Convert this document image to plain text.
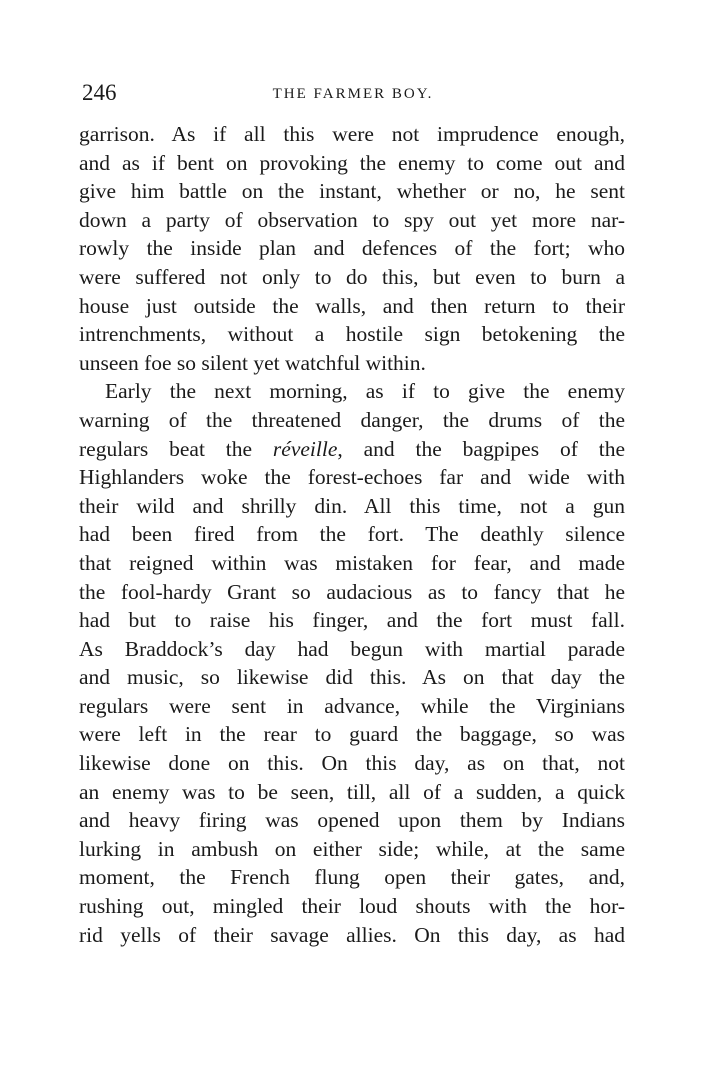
246	THE FARMER BOY.
garrison. As if all this were not imprudence enough,
and as if bent on provoking the enemy to come out and
give him battle on the instant, whether or no, he sent
down a party of observation to spy out yet more nar-
rowly the inside plan and defences of the fort; who
were suffered not only to do this, but even to burn a
house just outside the walls, and then return to their
intrenchments, without a hostile sign betokening the
unseen foe so silent yet watchful within.
Early the next morning, as if to give the enemy
warning of the threatened danger, the drums of the
regulars beat the réveille, and the bagpipes of the
Highlanders woke the forest-echoes far and wide with
their wild and shrilly din. All this time, not a gun
had been fired from the fort. The deathly silence
that reigned within was mistaken for fear, and made
the fool-hardy Grant so audacious as to fancy that he
had but to raise his finger, and the fort must fall.
As Braddock’s day had begun with martial parade
and music, so likewise did this. As on that day the
regulars were sent in advance, while the Virginians
were left in the rear to guard the baggage, so was
likewise done on this. On this day, as on that, not
an enemy was to be seen, till, all of a sudden, a quick
and heavy firing was opened upon them by Indians
lurking in ambush on either side; while, at the same
moment, the French flung open their gates, and,
rushing out, mingled their loud shouts with the hor-
rid yells of their savage allies. On this day, as had
